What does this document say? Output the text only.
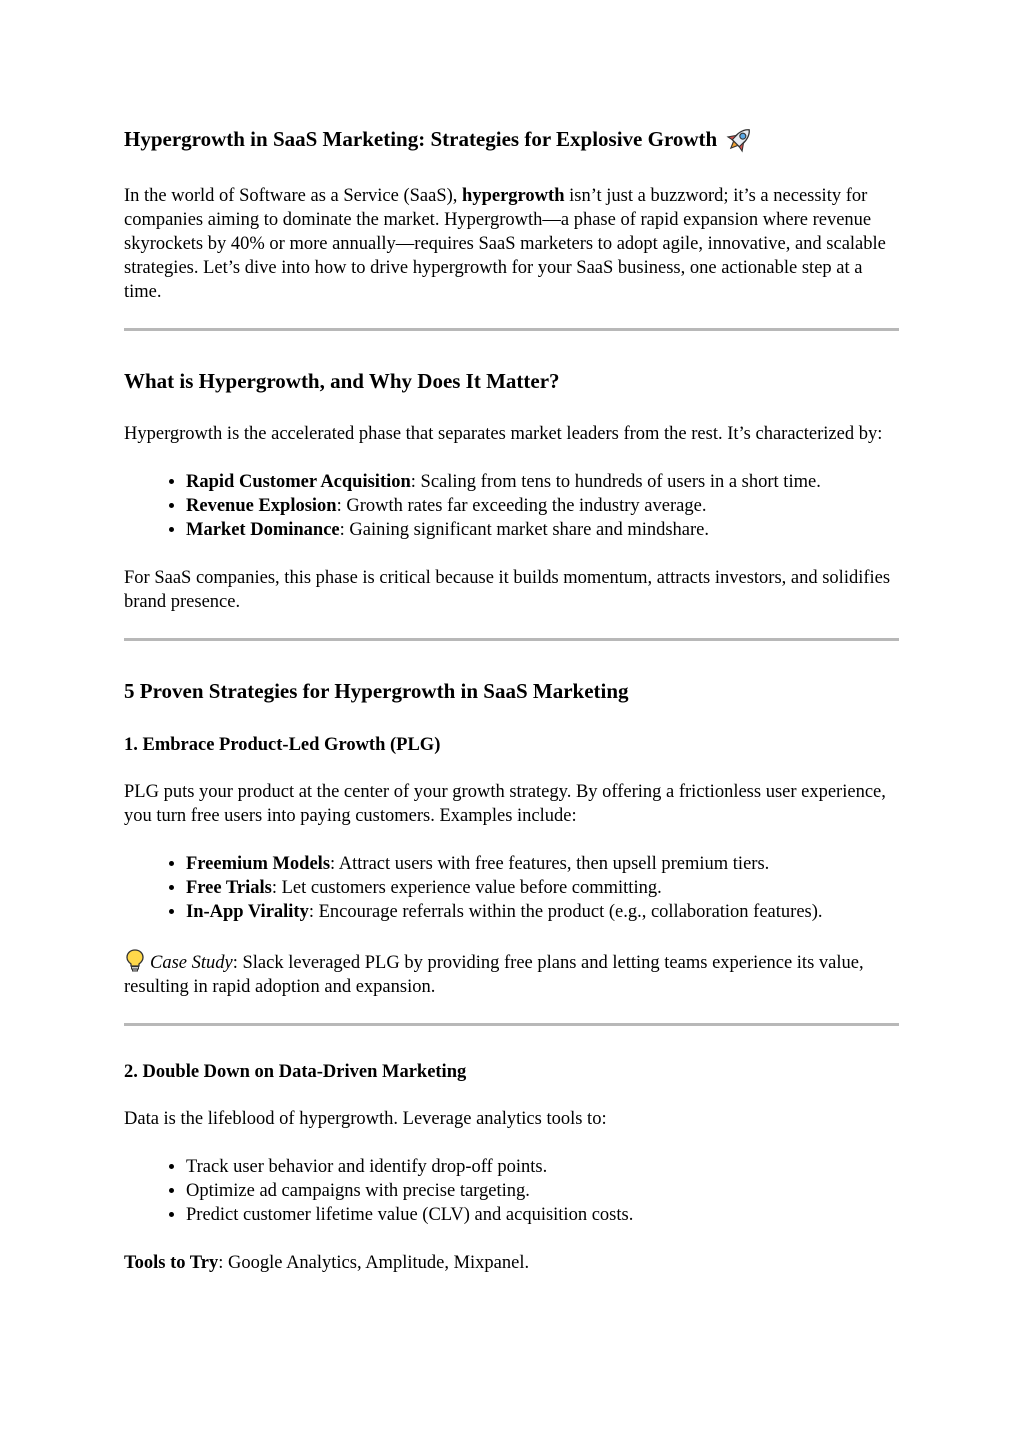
Hypergrowth in SaaS Marketing: Strategies for Explosive Growth

In the world of Software as a Service (SaaS), hypergrowth isn’t just a buzzword; it’s a necessity for companies aiming to dominate the market. Hypergrowth—a phase of rapid expansion where revenue skyrockets by 40% or more annually—requires SaaS marketers to adopt agile, innovative, and scalable strategies. Let’s dive into how to drive hypergrowth for your SaaS business, one actionable step at a time.

What is Hypergrowth, and Why Does It Matter?

Hypergrowth is the accelerated phase that separates market leaders from the rest. It’s characterized by:

• Rapid Customer Acquisition: Scaling from tens to hundreds of users in a short time.
• Revenue Explosion: Growth rates far exceeding the industry average.
• Market Dominance: Gaining significant market share and mindshare.

For SaaS companies, this phase is critical because it builds momentum, attracts investors, and solidifies brand presence.

5 Proven Strategies for Hypergrowth in SaaS Marketing
1. Embrace Product-Led Growth (PLG)

PLG puts your product at the center of your growth strategy. By offering a frictionless user experience, you turn free users into paying customers. Examples include:

• Freemium Models: Attract users with free features, then upsell premium tiers.
• Free Trials: Let customers experience value before committing.
• In-App Virality: Encourage referrals within the product (e.g., collaboration features).

Case Study: Slack leveraged PLG by providing free plans and letting teams experience its value, resulting in rapid adoption and expansion.

2. Double Down on Data-Driven Marketing

Data is the lifeblood of hypergrowth. Leverage analytics tools to:

• Track user behavior and identify drop-off points.
• Optimize ad campaigns with precise targeting.
• Predict customer lifetime value (CLV) and acquisition costs.

Tools to Try: Google Analytics, Amplitude, Mixpanel.
